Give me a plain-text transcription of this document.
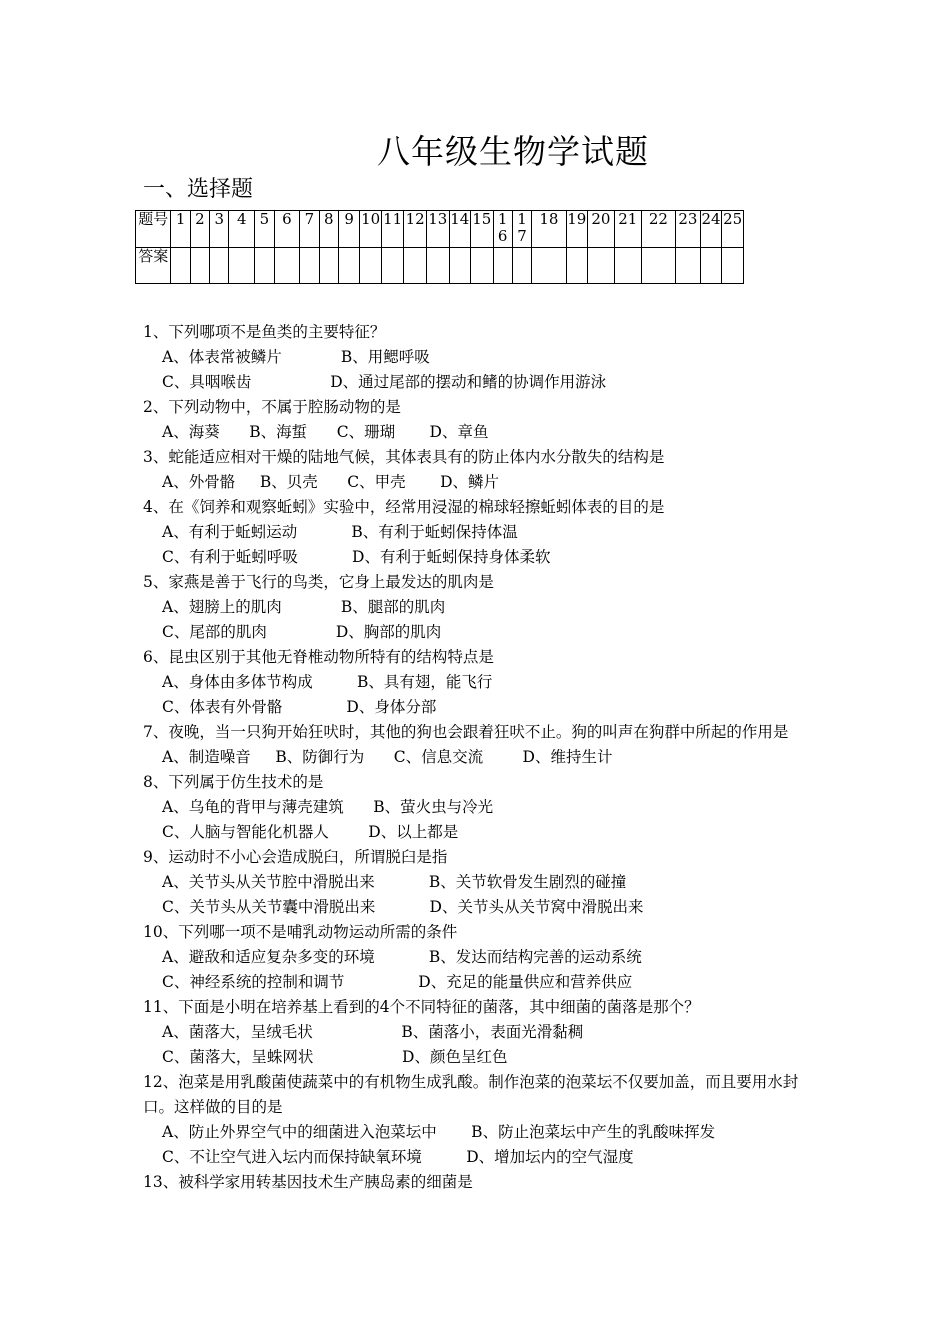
八年级生物学试题
一、选择题
题号	1	2	3	4	5	6	7	8	9	10	11	12	13	14	15	16	17	18	19	20	21	22	23	24	25
答案																									
1、下列哪项不是鱼类的主要特征？
A、体表常被鳞片            B、用鳃呼吸
C、具咽喉齿                D、通过尾部的摆动和鳍的协调作用游泳
2、下列动物中，不属于腔肠动物的是
A、海葵      B、海蜇      C、珊瑚       D、章鱼
3、蛇能适应相对干燥的陆地气候，其体表具有的防止体内水分散失的结构是
A、外骨骼     B、贝壳      C、甲壳       D、鳞片
4、在《饲养和观察蚯蚓》实验中，经常用浸湿的棉球轻擦蚯蚓体表的目的是
A、有利于蚯蚓运动           B、有利于蚯蚓保持体温
C、有利于蚯蚓呼吸           D、有利于蚯蚓保持身体柔软
5、家燕是善于飞行的鸟类，它身上最发达的肌肉是
A、翅膀上的肌肉            B、腿部的肌肉
C、尾部的肌肉              D、胸部的肌肉
6、昆虫区别于其他无脊椎动物所特有的结构特点是
A、身体由多体节构成         B、具有翅，能飞行
C、体表有外骨骼             D、身体分部
7、夜晚，当一只狗开始狂吠时，其他的狗也会跟着狂吠不止。狗的叫声在狗群中所起的作用是
A、制造噪音     B、防御行为      C、信息交流        D、维持生计
8、下列属于仿生技术的是
A、乌龟的背甲与薄壳建筑      B、萤火虫与冷光
C、人脑与智能化机器人        D、以上都是
9、运动时不小心会造成脱臼，所谓脱臼是指
A、关节头从关节腔中滑脱出来           B、关节软骨发生剧烈的碰撞
C、关节头从关节囊中滑脱出来           D、关节头从关节窝中滑脱出来
10、下列哪一项不是哺乳动物运动所需的条件
A、避敌和适应复杂多变的环境           B、发达而结构完善的运动系统
C、神经系统的控制和调节               D、充足的能量供应和营养供应
11、下面是小明在培养基上看到的4个不同特征的菌落，其中细菌的菌落是那个？
A、菌落大，呈绒毛状                  B、菌落小，表面光滑黏稠
C、菌落大，呈蛛网状                  D、颜色呈红色
12、泡菜是用乳酸菌使蔬菜中的有机物生成乳酸。制作泡菜的泡菜坛不仅要加盖，而且要用水封口。这样做的目的是
A、防止外界空气中的细菌进入泡菜坛中       B、防止泡菜坛中产生的乳酸味挥发
C、不让空气进入坛内而保持缺氧环境         D、增加坛内的空气湿度
13、被科学家用转基因技术生产胰岛素的细菌是
